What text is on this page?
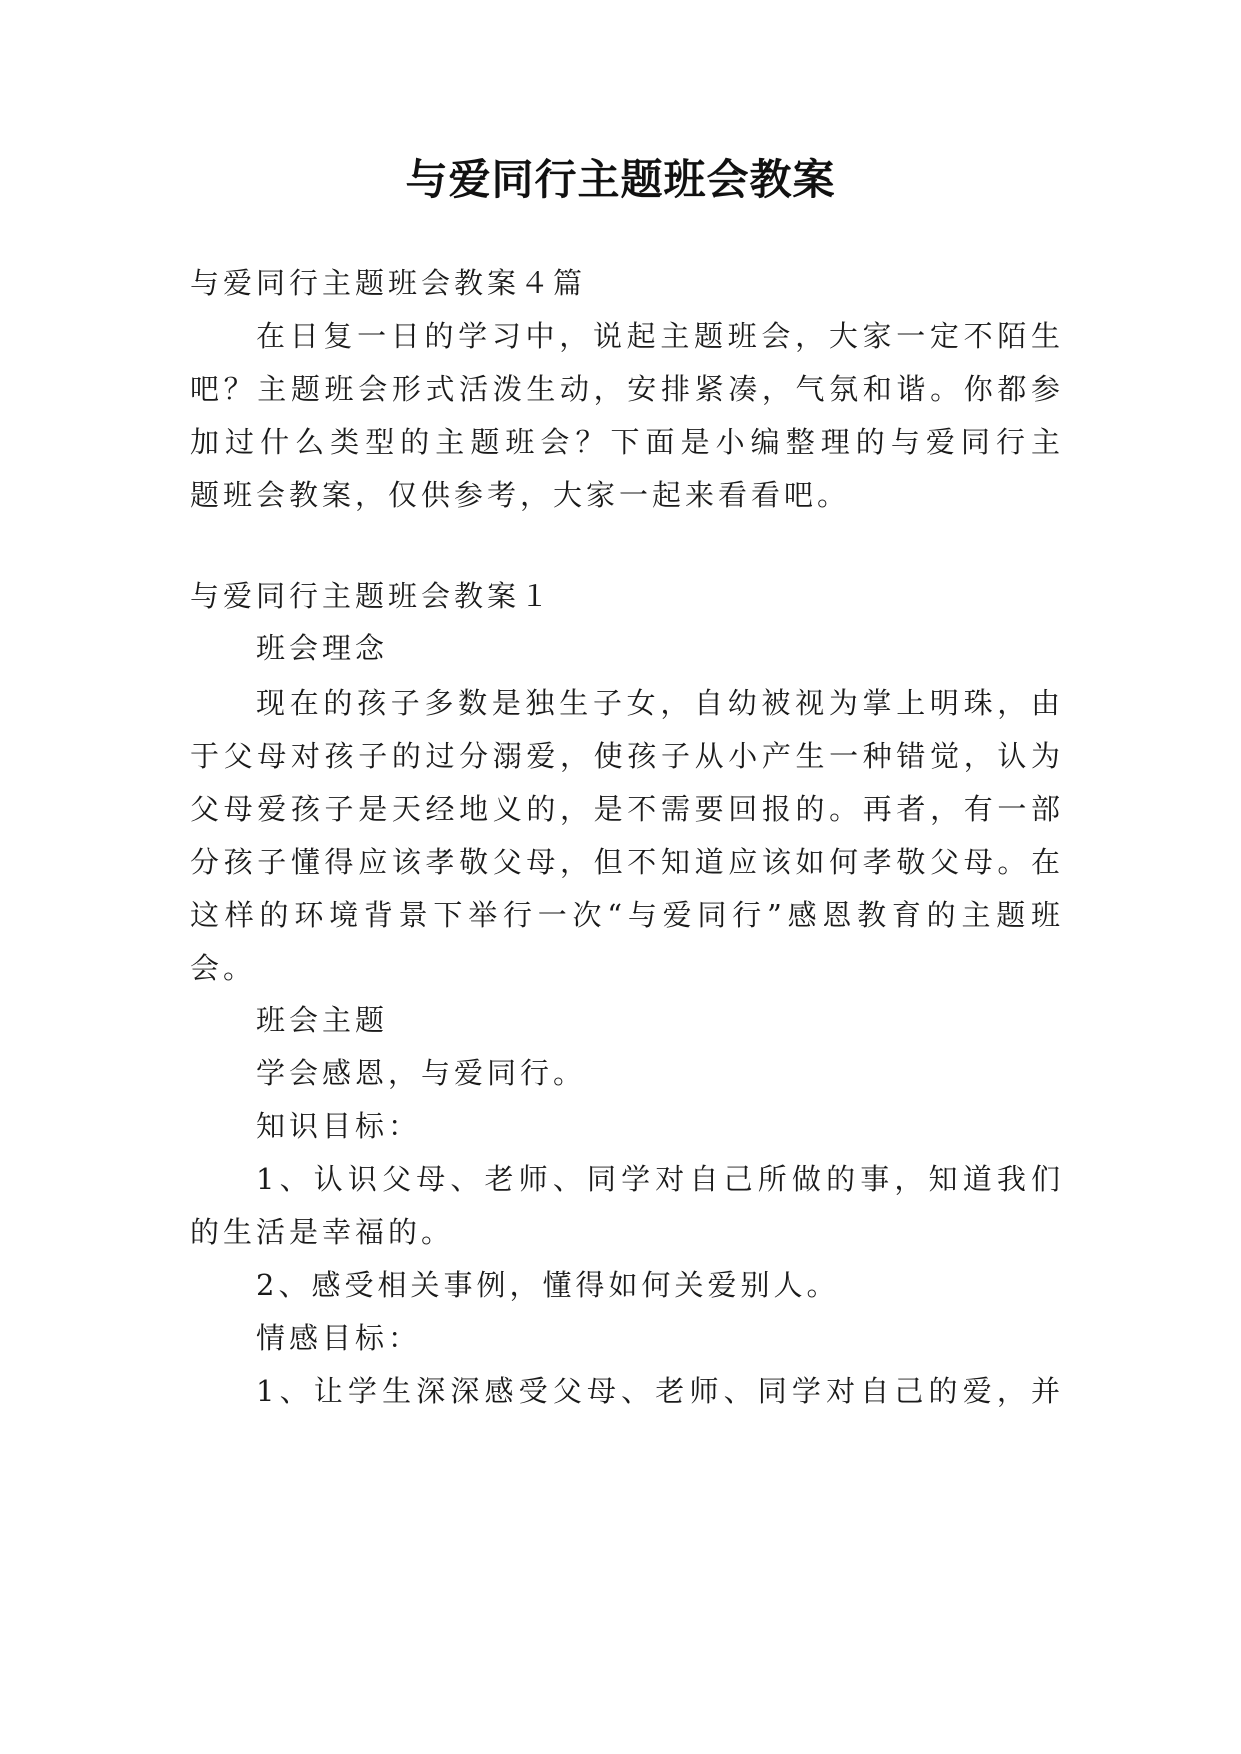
与爱同行主题班会教案
与爱同行主题班会教案４篇
在日复一日的学习中，说起主题班会，大家一定不陌生
吧？主题班会形式活泼生动，安排紧凑，气氛和谐。你都参
加过什么类型的主题班会？下面是小编整理的与爱同行主
题班会教案，仅供参考，大家一起来看看吧。
与爱同行主题班会教案１
班会理念
现在的孩子多数是独生子女，自幼被视为掌上明珠，由
于父母对孩子的过分溺爱，使孩子从小产生一种错觉，认为
父母爱孩子是天经地义的，是不需要回报的。再者，有一部
分孩子懂得应该孝敬父母，但不知道应该如何孝敬父母。在
这样的环境背景下举行一次“与爱同行”感恩教育的主题班
会。
班会主题
学会感恩，与爱同行。
知识目标：
1、认识父母、老师、同学对自己所做的事，知道我们
的生活是幸福的。
2、感受相关事例，懂得如何关爱别人。
情感目标：
1、让学生深深感受父母、老师、同学对自己的爱，并
